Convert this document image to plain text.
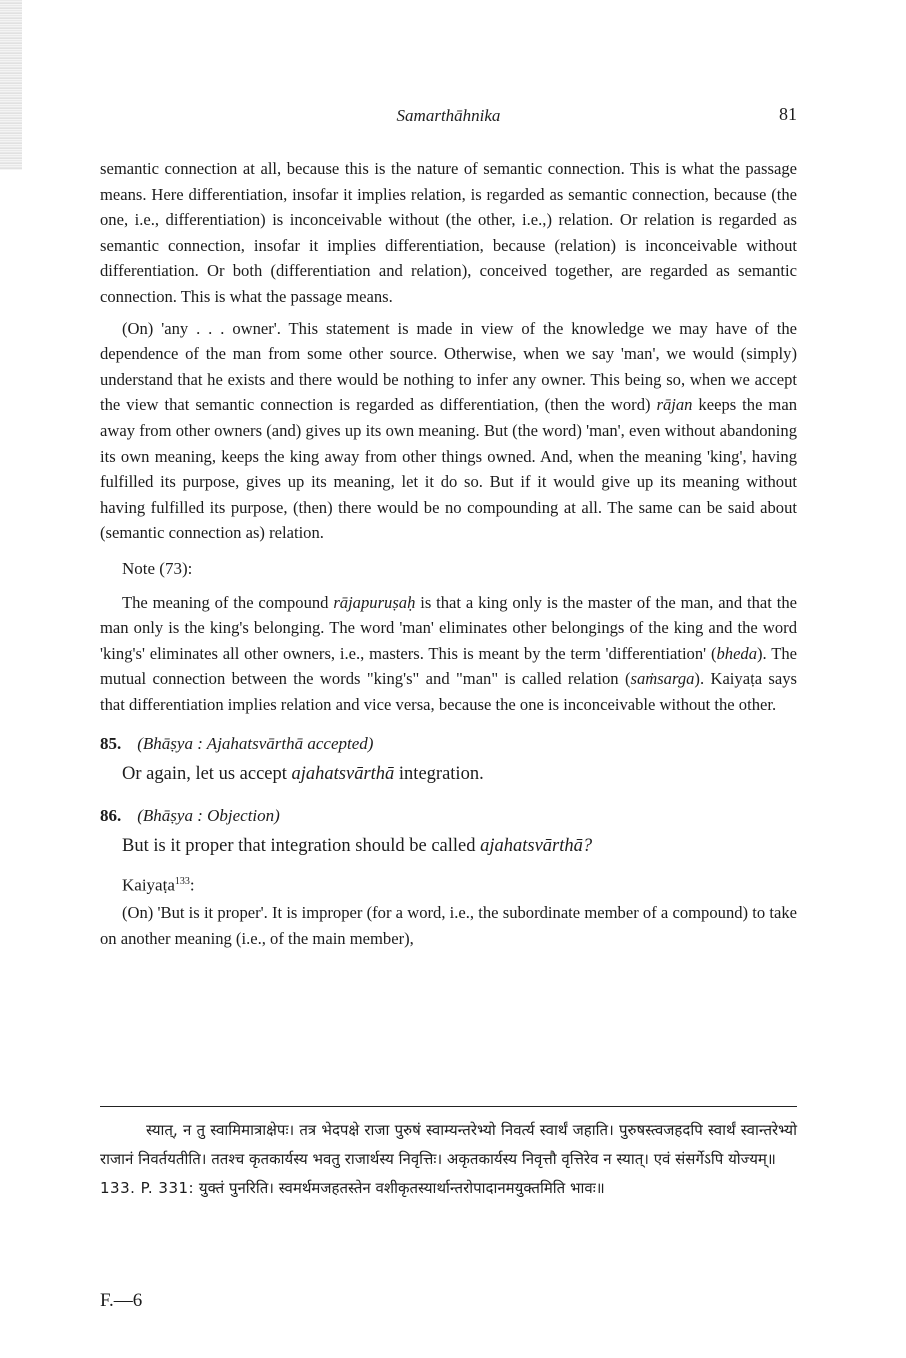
Samarthāhnika	81

semantic connection at all, because this is the nature of semantic connection. This is what the passage means. Here differentiation, insofar it implies relation, is regarded as semantic connection, because (the one, i.e., differentiation) is inconceivable without (the other, i.e.,) relation. Or relation is regarded as semantic connection, insofar it implies differentiation, because (relation) is inconceivable without differentiation. Or both (differentiation and relation), conceived together, are regarded as semantic connection. This is what the passage means.

(On) 'any . . . owner'. This statement is made in view of the knowledge we may have of the dependence of the man from some other source. Otherwise, when we say 'man', we would (simply) understand that he exists and there would be nothing to infer any owner. This being so, when we accept the view that semantic connection is regarded as differentiation, (then the word) rājan keeps the man away from other owners (and) gives up its own meaning. But (the word) 'man', even without abandoning its own meaning, keeps the king away from other things owned. And, when the meaning 'king', having fulfilled its purpose, gives up its meaning, let it do so. But if it would give up its meaning without having fulfilled its purpose, (then) there would be no compounding at all. The same can be said about (semantic connection as) relation.

Note (73):

The meaning of the compound rājapuruṣaḥ is that a king only is the master of the man, and that the man only is the king's belonging. The word 'man' eliminates other belongings of the king and the word 'king's' eliminates all other owners, i.e., masters. This is meant by the term 'differentiation' (bheda). The mutual connection between the words "king's" and "man" is called relation (saṁsarga). Kaiyaṭa says that differentiation implies relation and vice versa, because the one is inconceivable without the other.

85. (Bhāṣya : Ajahatsvārthā accepted)

Or again, let us accept ajahatsvārthā integration.

86. (Bhāṣya : Objection)

But is it proper that integration should be called ajahatsvārthā?

Kaiyaṭa$^{133}$:

(On) 'But is it proper'. It is improper (for a word, i.e., the subordinate member of a compound) to take on another meaning (i.e., of the main member),

स्यात्, न तु स्वामिमात्राक्षेपः। तत्र भेदपक्षे राजा पुरुषं स्वाम्यन्तरेभ्यो निवर्त्य स्वार्थं जहाति। पुरुषस्त्वजहदपि स्वार्थं स्वान्तरेभ्यो राजानं निवर्तयतीति। ततश्च कृतकार्यस्य भवतु राजार्थस्य निवृत्तिः। अकृतकार्यस्य निवृत्तौ वृत्तिरेव न स्यात्। एवं संसर्गेऽपि योज्यम्॥

133. P. 331: युक्तं पुनरिति। स्वमर्थमजहतस्तेन वशीकृतस्यार्थान्तरोपादानमयुक्तमिति भावः॥

F.—6
